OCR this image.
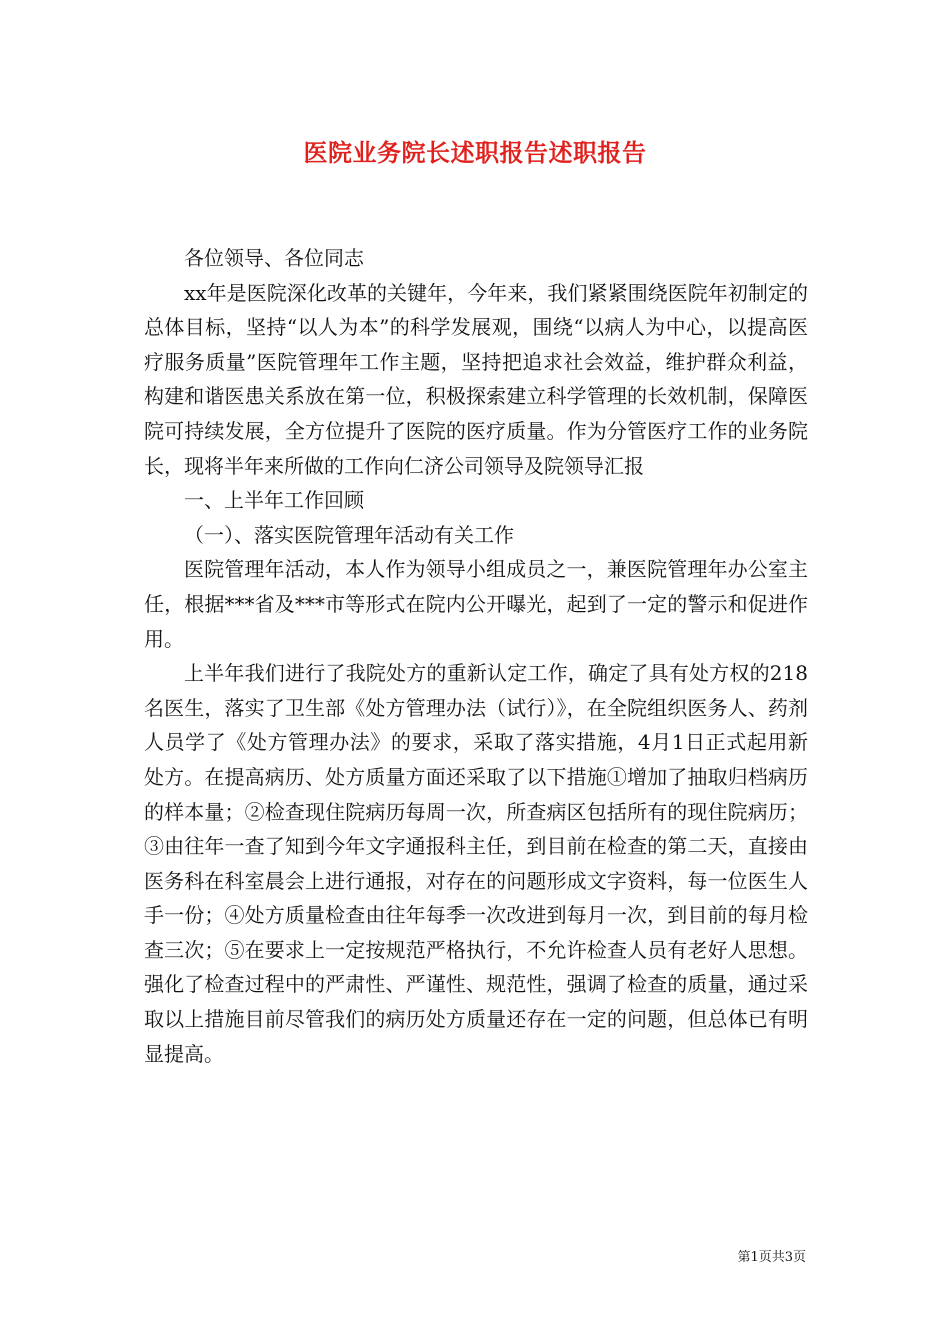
医院业务院长述职报告述职报告

各位领导、各位同志

xx年是医院深化改革的关键年，今年来，我们紧紧围绕医院年初制定的总体目标，坚持“以人为本”的科学发展观，围绕“以病人为中心，以提高医疗服务质量”医院管理年工作主题，坚持把追求社会效益，维护群众利益，构建和谐医患关系放在第一位，积极探索建立科学管理的长效机制，保障医院可持续发展，全方位提升了医院的医疗质量。作为分管医疗工作的业务院长，现将半年来所做的工作向仁济公司领导及院领导汇报

一、上半年工作回顾

（一）、落实医院管理年活动有关工作

医院管理年活动，本人作为领导小组成员之一，兼医院管理年办公室主任，根据***省及***市等形式在院内公开曝光，起到了一定的警示和促进作用。

上半年我们进行了我院处方的重新认定工作，确定了具有处方权的218名医生，落实了卫生部《处方管理办法（试行）》，在全院组织医务人、药剂人员学了《处方管理办法》的要求，采取了落实措施，4月1日正式起用新处方。在提高病历、处方质量方面还采取了以下措施①增加了抽取归档病历的样本量；②检查现住院病历每周一次，所查病区包括所有的现住院病历；③由往年一查了知到今年文字通报科主任，到目前在检查的第二天，直接由医务科在科室晨会上进行通报，对存在的问题形成文字资料，每一位医生人手一份；④处方质量检查由往年每季一次改进到每月一次，到目前的每月检查三次；⑤在要求上一定按规范严格执行，不允许检查人员有老好人思想。强化了检查过程中的严肃性、严谨性、规范性，强调了检查的质量，通过采取以上措施目前尽管我们的病历处方质量还存在一定的问题，但总体已有明显提高。

第1页共3页
